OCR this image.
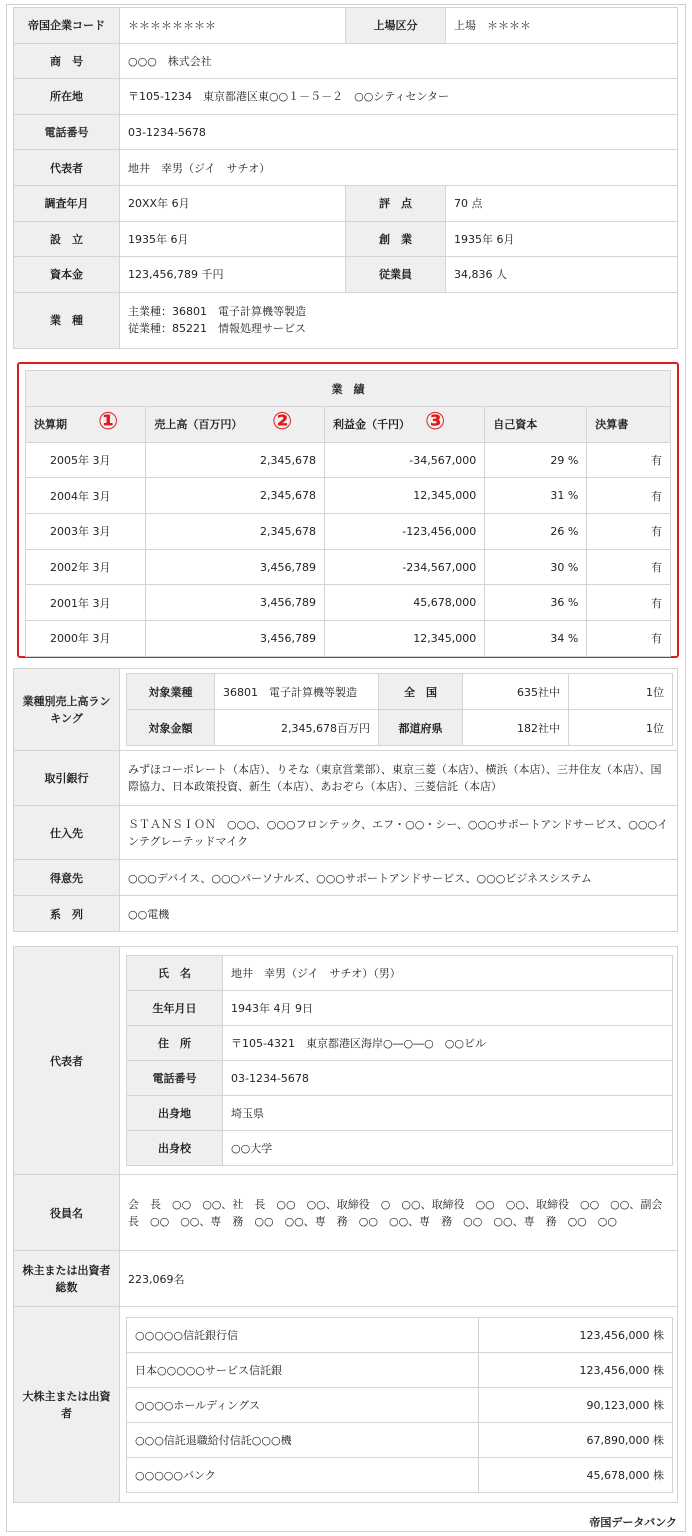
帝国企業コード	＊＊＊＊＊＊＊＊	上場区分	上場　＊＊＊＊
商　号	○○○　株式会社		
所在地	〒105-1234　東京都港区東○○１－５－２　○○シティセンター		
電話番号	03-1234-5678		
代表者	地井　幸男（ジイ　サチオ）		
調査年月	20XX年 6月	評　点	70 点
設　立	1935年 6月	創　業	1935年 6月
資本金	123,456,789 千円	従業員	34,836 人
業　種	主業種：36801　電子計算機等製造
従業種：85221　情報処理サービス		
業　績				
決算期	売上高（百万円）	利益金（千円）	自己資本	決算書
2005年 3月	2,345,678	-34,567,000	29 %	有
2004年 3月	2,345,678	12,345,000	31 %	有
2003年 3月	2,345,678	-123,456,000	26 %	有
2002年 3月	3,456,789	-234,567,000	30 %	有
2001年 3月	3,456,789	45,678,000	36 %	有
2000年 3月	3,456,789	12,345,000	34 %	有
①	②	③
業種別売上高ランキング	
対象業種	36801　電子計算機等製造	全　国	635社中	1位
対象金額	2,345,678百万円	都道府県	182社中	1位

取引銀行	みずほコーポレート（本店）、りそな（東京営業部）、東京三菱（本店）、横浜（本店）、三井住友（本店）、国際協力、日本政策投資、新生（本店）、あおぞら（本店）、三菱信託（本店）
仕入先	ＳＴＡＮＳＩＯＮ　○○○、○○○フロンテック、エフ・○○・シー、○○○サポートアンドサービス、○○○インテグレーテッドマイク
得意先	○○○デバイス、○○○パーソナルズ、○○○サポートアンドサービス、○○○ビジネスシステム
系　列	○○電機
代表者	
氏　名	地井　幸男（ジイ　サチオ）（男）
生年月日	1943年 4月 9日
住　所	〒105-4321　東京都港区海岸○―○―○　○○ビル
電話番号	03-1234-5678
出身地	埼玉県
出身校	○○大学

役員名	会　長　○○　○○、社　長　○○　○○、取締役　○　○○、取締役　○○　○○、取締役　○○　○○、副会長　○○　○○、専　務　○○　○○、専　務　○○　○○、専　務　○○　○○、専　務　○○　○○
株主または出資者総数	223,069名
大株主または出資者	
○○○○○信託銀行信	123,456,000 株
日本○○○○○サービス信託銀	123,456,000 株
○○○○ホールディングス	90,123,000 株
○○○信託退職給付信託○○○機	67,890,000 株
○○○○○バンク	45,678,000 株
帝国データバンク
